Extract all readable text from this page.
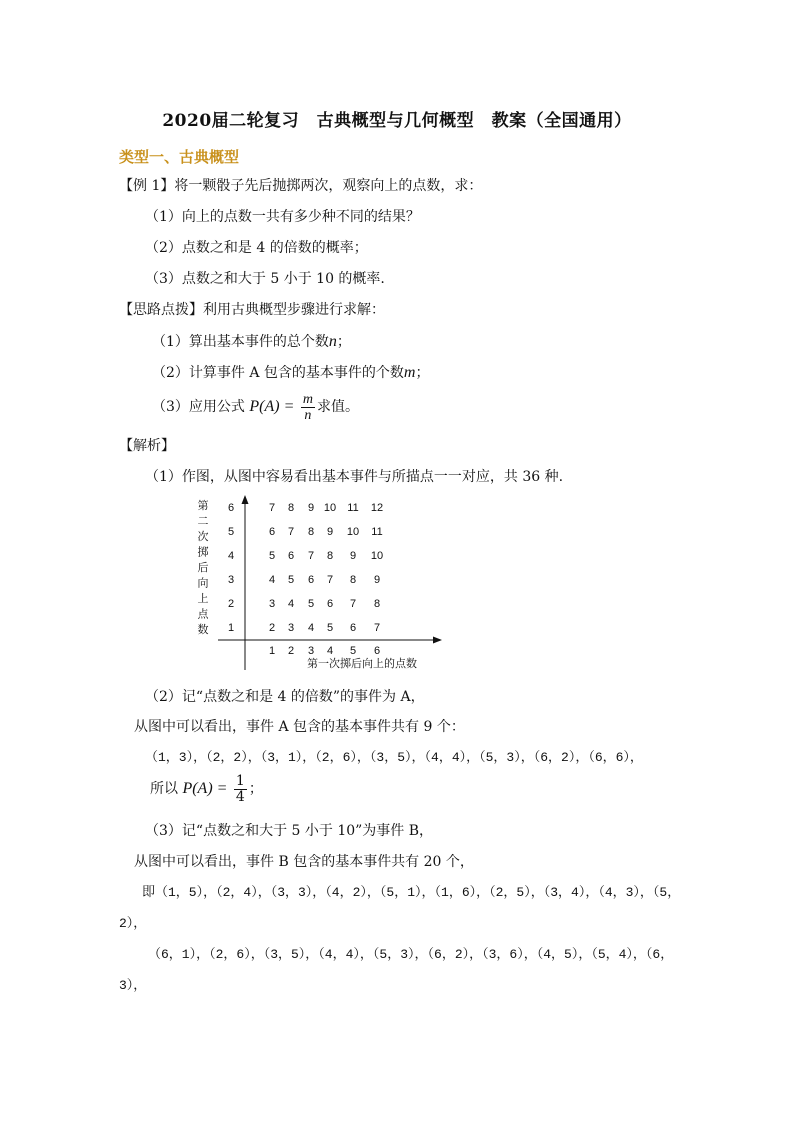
2020届二轮复习　古典概型与几何概型　教案（全国通用）
类型一、古典概型
【例 1】将一颗骰子先后抛掷两次，观察向上的点数，求：
（1）向上的点数一共有多少种不同的结果？
（2）点数之和是 4 的倍数的概率；
（3）点数之和大于 5 小于 10 的概率.
【思路点拨】利用古典概型步骤进行求解：
（1）算出基本事件的总个数n；
（2）计算事件 A 包含的基本事件的个数m；
（3）应用公式 $P(A) = \frac{m}{n}$ 求值。
【解析】
（1）作图，从图中容易看出基本事件与所描点一一对应，共 36 种.
第
二
次
掷
后
向
上
点
数
6
5
4
3
2
1
7 8 9 10 11 12
6 7 8 9 10 11
5 6 7 8 9 10
4 5 6 7 8 9
3 4 5 6 7 8
2 3 4 5 6 7
1 2 3 4 5 6
第一次掷后向上的点数
（2）记“点数之和是 4 的倍数”的事件为 A，
从图中可以看出，事件 A 包含的基本事件共有 9 个：
（1，3），（2，2），（3，1），（2，6），（3，5），（4，4），（5，3），（6，2），（6，6），
所以 $P(A) = \frac{1}{4}$ ；
（3）记“点数之和大于 5 小于 10”为事件 B，
从图中可以看出，事件 B 包含的基本事件共有 20 个，
即（1，5），（2，4），（3，3），（4，2），（5，1），（1，6），（2，5），（3，4），（4，3），（5，
2），
（6，1），（2，6），（3，5），（4，4），（5，3），（6，2），（3，6），（4，5），（5，4），（6，
3），
